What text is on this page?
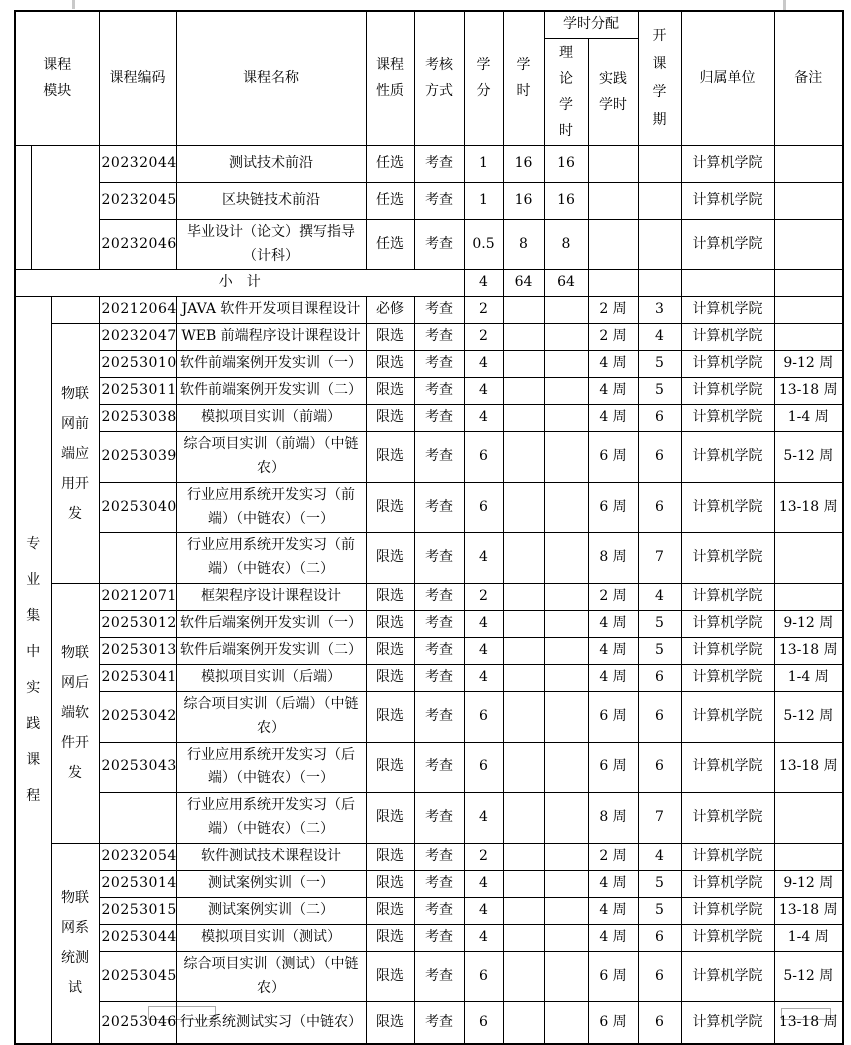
课程模块			课程编码	课程名称	课程性质	考核方式	学分	学时	学时分配		开课学期	归属单位	备注
									理论学时	实践学时			
			20232044	测试技术前沿	任选	考查	1	16	16			计算机学院	
			20232045	区块链技术前沿	任选	考查	1	16	16			计算机学院	
			20232046	毕业设计（论文）撰写指导（计科）	任选	考查	0.5	8	8			计算机学院	
小　计							4	64	64				
专业集中实践课程			20212064	JAVA 软件开发项目课程设计	必修	考查	2			2 周	3	计算机学院	
		物联网前端应用开发	20232047	WEB 前端程序设计课程设计	限选	考查	2			2 周	4	计算机学院	
			20253010	软件前端案例开发实训（一）	限选	考查	4			4 周	5	计算机学院	9-12 周
			20253011	软件前端案例开发实训（二）	限选	考查	4			4 周	5	计算机学院	13-18 周
			20253038	模拟项目实训（前端）	限选	考查	4			4 周	6	计算机学院	1-4 周
			20253039	综合项目实训（前端）（中链农）	限选	考查	6			6 周	6	计算机学院	5-12 周
			20253040	行业应用系统开发实习（前端）（中链农）（一）	限选	考查	6			6 周	6	计算机学院	13-18 周
				行业应用系统开发实习（前端）（中链农）（二）	限选	考查	4			8 周	7	计算机学院	
		物联网后端软件开发	20212071	框架程序设计课程设计	限选	考查	2			2 周	4	计算机学院	
			20253012	软件后端案例开发实训（一）	限选	考查	4			4 周	5	计算机学院	9-12 周
			20253013	软件后端案例开发实训（二）	限选	考查	4			4 周	5	计算机学院	13-18 周
			20253041	模拟项目实训（后端）	限选	考查	4			4 周	6	计算机学院	1-4 周
			20253042	综合项目实训（后端）（中链农）	限选	考查	6			6 周	6	计算机学院	5-12 周
			20253043	行业应用系统开发实习（后端）（中链农）（一）	限选	考查	6			6 周	6	计算机学院	13-18 周
				行业应用系统开发实习（后端）（中链农）（二）	限选	考查	4			8 周	7	计算机学院	
		物联网系统测试	20232054	软件测试技术课程设计	限选	考查	2			2 周	4	计算机学院	
			20253014	测试案例实训（一）	限选	考查	4			4 周	5	计算机学院	9-12 周
			20253015	测试案例实训（二）	限选	考查	4			4 周	5	计算机学院	13-18 周
			20253044	模拟项目实训（测试）	限选	考查	4			4 周	6	计算机学院	1-4 周
			20253045	综合项目实训（测试）（中链农）	限选	考查	6			6 周	6	计算机学院	5-12 周
			20253046	行业系统测试实习（中链农）	限选	考查	6			6 周	6	计算机学院	13-18 周
